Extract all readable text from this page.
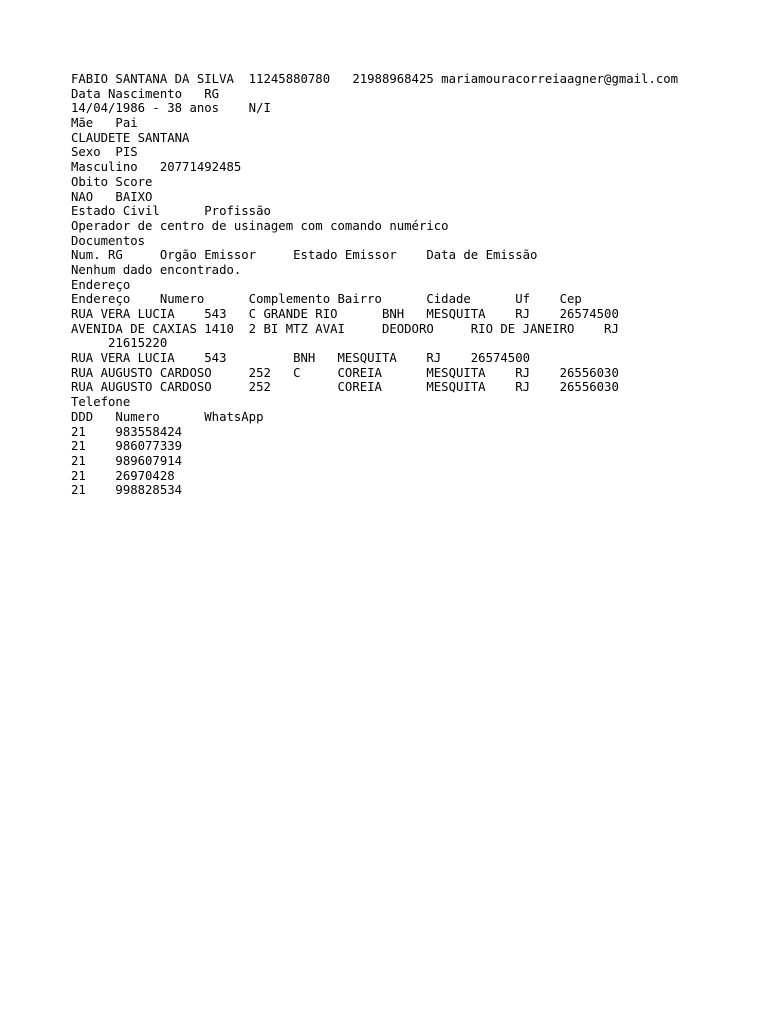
FABIO SANTANA DA SILVA  11245880780   21988968425 mariamouracorreiaagner@gmail.com
Data Nascimento   RG
14/04/1986 - 38 anos    N/I
Mãe   Pai
CLAUDETE SANTANA
Sexo  PIS
Masculino   20771492485
Obito Score
NAO   BAIXO
Estado Civil      Profissão
Operador de centro de usinagem com comando numérico
Documentos
Num. RG     Orgão Emissor     Estado Emissor    Data de Emissão
Nenhum dado encontrado.
Endereço
Endereço    Numero      Complemento Bairro      Cidade      Uf    Cep
RUA VERA LUCIA    543   C GRANDE RIO      BNH   MESQUITA    RJ    26574500
AVENIDA DE CAXIAS 1410  2 BI MTZ AVAI     DEODORO     RIO DE JANEIRO    RJ
21615220
RUA VERA LUCIA    543         BNH   MESQUITA    RJ    26574500
RUA AUGUSTO CARDOSO     252   C     COREIA      MESQUITA    RJ    26556030
RUA AUGUSTO CARDOSO     252         COREIA      MESQUITA    RJ    26556030
Telefone
DDD   Numero      WhatsApp
21    983558424
21    986077339
21    989607914
21    26970428
21    998828534
